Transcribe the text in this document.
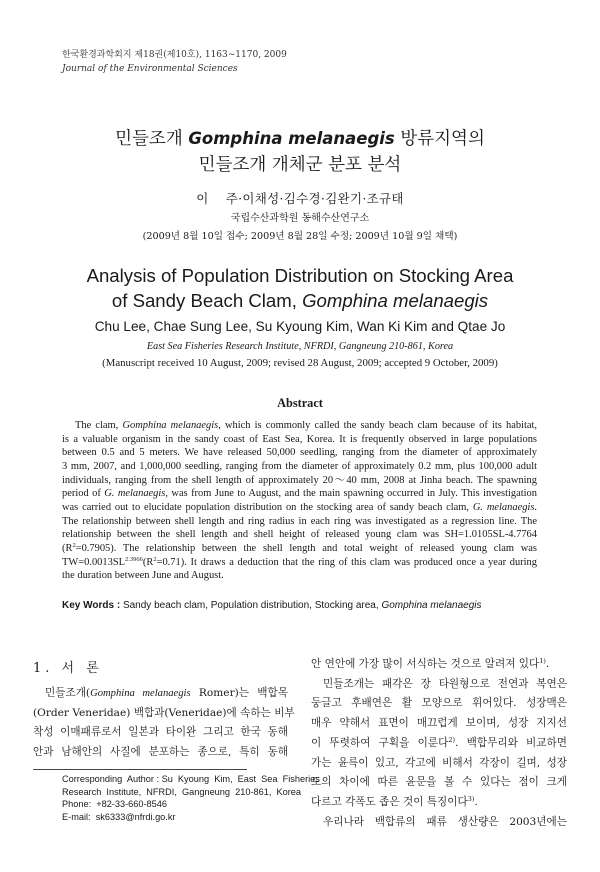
한국환경과학회지 제18권(제10호), 1163∼1170, 2009
Journal of the Environmental Sciences
민들조개 Gomphina melanaegis 방류지역의
민들조개 개체군 분포 분석
이    주·이채성·김수경·김완기·조규태
국립수산과학원 동해수산연구소
(2009년 8월 10일 접수; 2009년 8월 28일 수정; 2009년 10월 9일 채택)
Analysis of Population Distribution on Stocking Area
of Sandy Beach Clam, Gomphina melanaegis
Chu Lee, Chae Sung Lee, Su Kyoung Kim, Wan Ki Kim and Qtae Jo
East Sea Fisheries Research Institute, NFRDI, Gangneung 210-861, Korea
(Manuscript received 10 August, 2009; revised 28 August, 2009; accepted 9 October, 2009)
Abstract
The clam, Gomphina melanaegis, which is commonly called the sandy beach clam because of its habitat,
is a valuable organism in the sandy coast of East Sea, Korea. It is frequently observed in large populations
between 0.5 and 5 meters. We have released 50,000 seedling, ranging from the diameter of approximately
3 mm, 2007, and 1,000,000 seedling, ranging from the diameter of approximately 0.2 mm, plus 100,000 adult
individuals, ranging from the shell length of approximately 20～40 mm, 2008 at Jinha beach. The spawning
period of G. melanaegis, was from June to August, and the main spawning occurred in July. This investigation
was carried out to elucidate population distribution on the stocking area of sandy beach clam, G. melanaegis.
The relationship between shell length and ring radius in each ring was investigated as a regression line. The
relationship between the shell length and shell height of released young clam was SH=1.0105SL-4.7764
$(R^2=0.7905)$. The relationship between the shell length and total weight of released young clam was
$TW=0.0013SL^{2.3966}(R^2=0.71)$. It draws a deduction that the ring of this clam was produced once a year during
the duration between June and August.
Key Words : Sandy beach clam, Population distribution, Stocking area, Gomphina melanaegis
1. 서 론
민들조개(Gomphina melanaegis Romer)는 백합목
(Order Veneridae) 백합과(Veneridae)에 속하는 비부
착성 이매패류로서 일본과 타이완 그리고 한국 동해
안과 남해안의 사질에 분포하는 종으로, 특히 동해
Corresponding  Author : Su  Kyoung  Kim,  East  Sea  Fisheries
Research  Institute,  NFRDI,  Gangneung  210-861,  Korea
Phone:  +82-33-660-8546
E-mail:  sk6333@nfrdi.go.kr
안 연안에 가장 많이 서식하는 것으로 알려져 있다$^{1)}$.
민들조개는 패각은 장 타원형으로 전연과 복연은
둥글고 후배연은 활 모양으로 휘어있다. 성장맥은
매우 약해서 표면이 매끄럽게 보이며, 성장 지지선
이 뚜렷하여 구획을 이룬다$^{2)}$. 백합무리와 비교하면
가는 윤륵이 있고, 각고에 비해서 각장이 길며, 성장
도의 차이에 따른 윤문을 볼 수 있다는 점이 크게
다르고 각폭도 좁은 것이 특징이다$^{3)}$.
우리나라 백합류의 패류 생산량은 2003년에는
